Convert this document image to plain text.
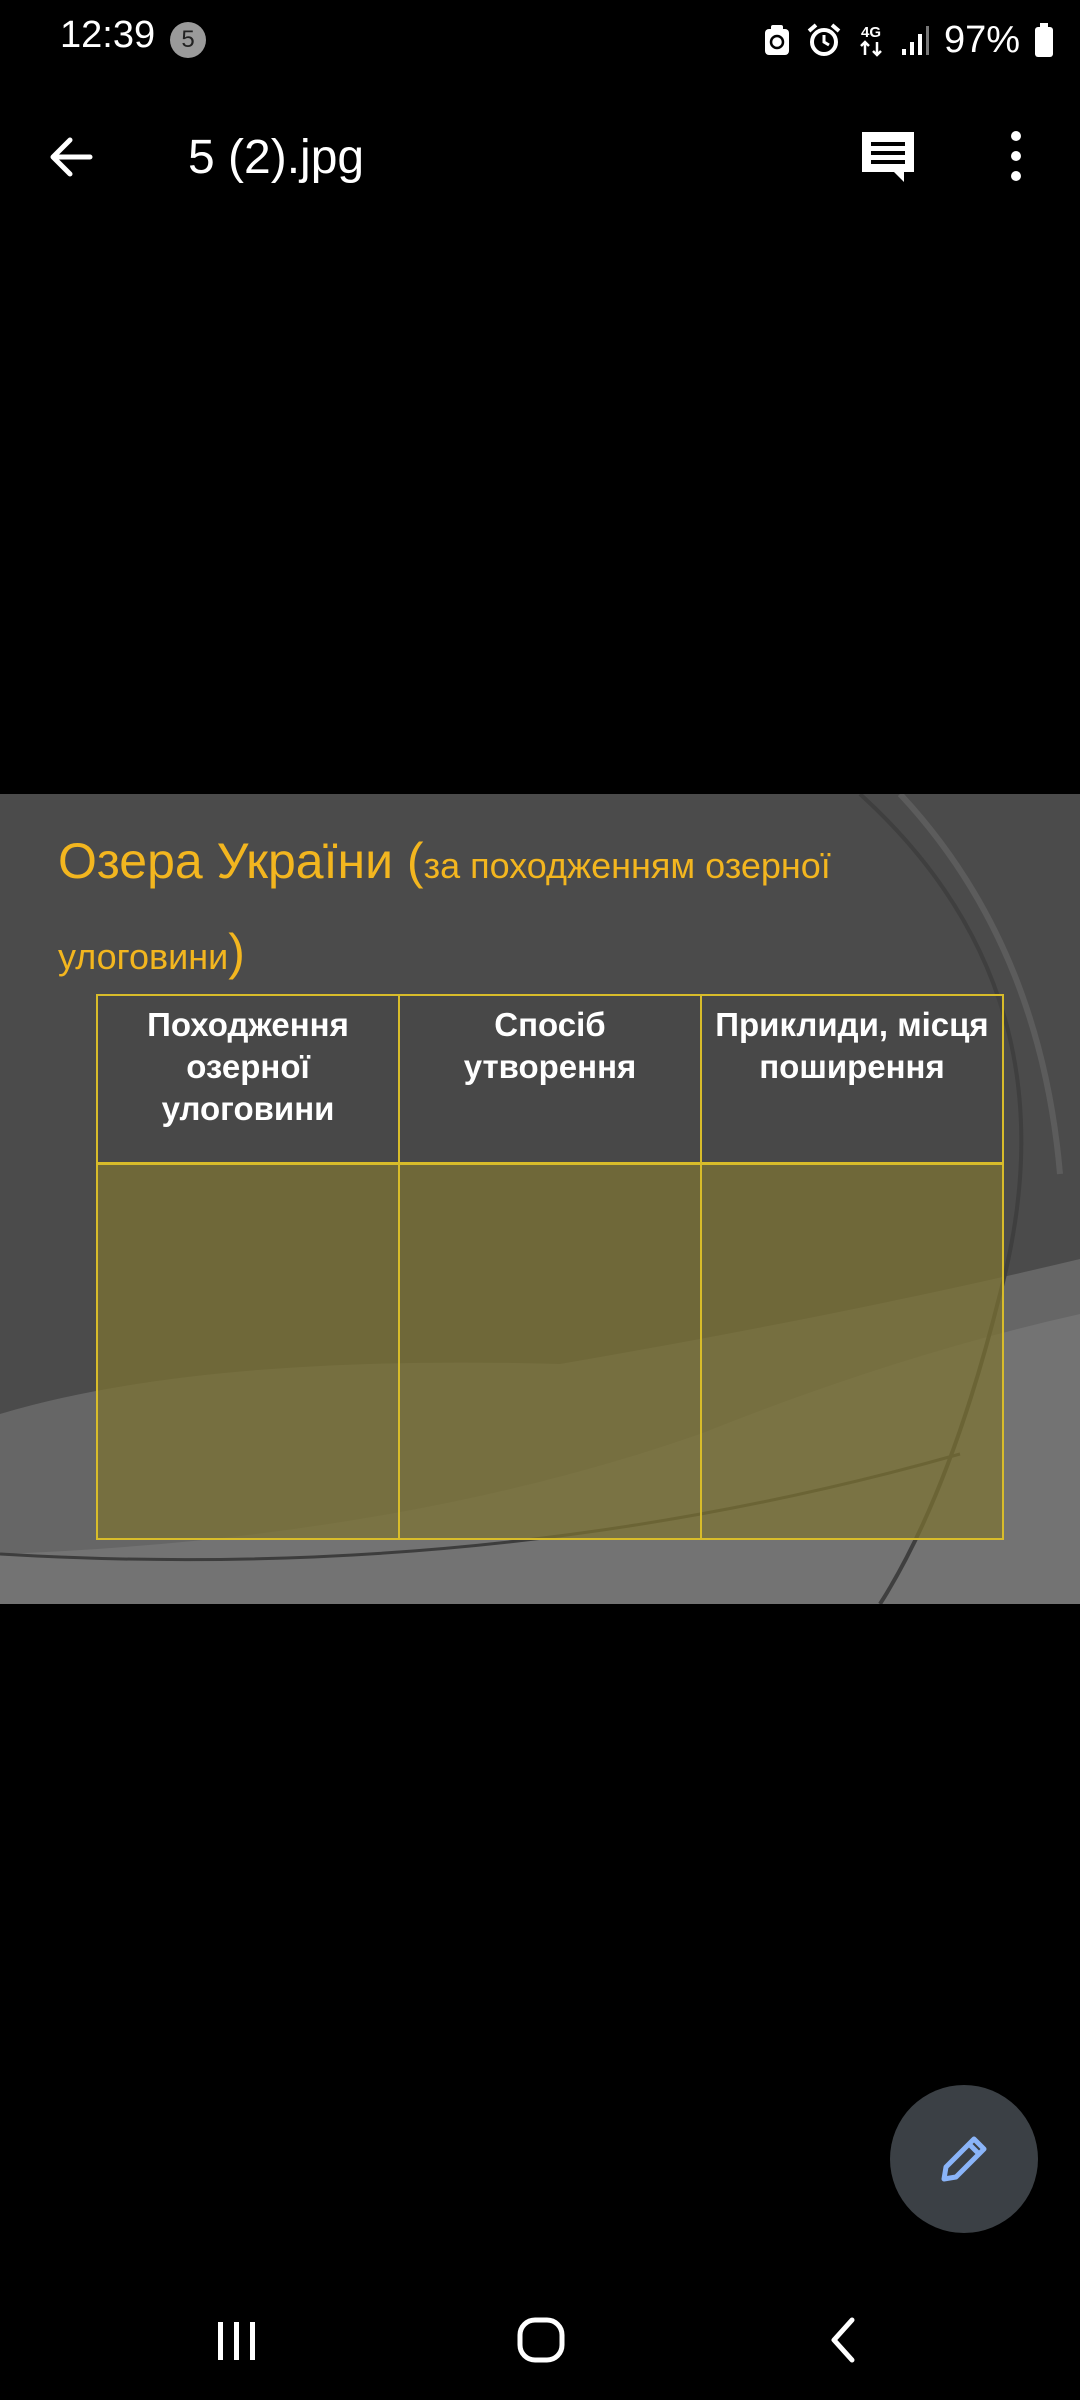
12:39	5	4G 97%
5 (2).jpg
Озера України (за походженням озерної улоговини)
Походження озерної улоговини	Спосіб утворення	Приклиди, місця поширення
